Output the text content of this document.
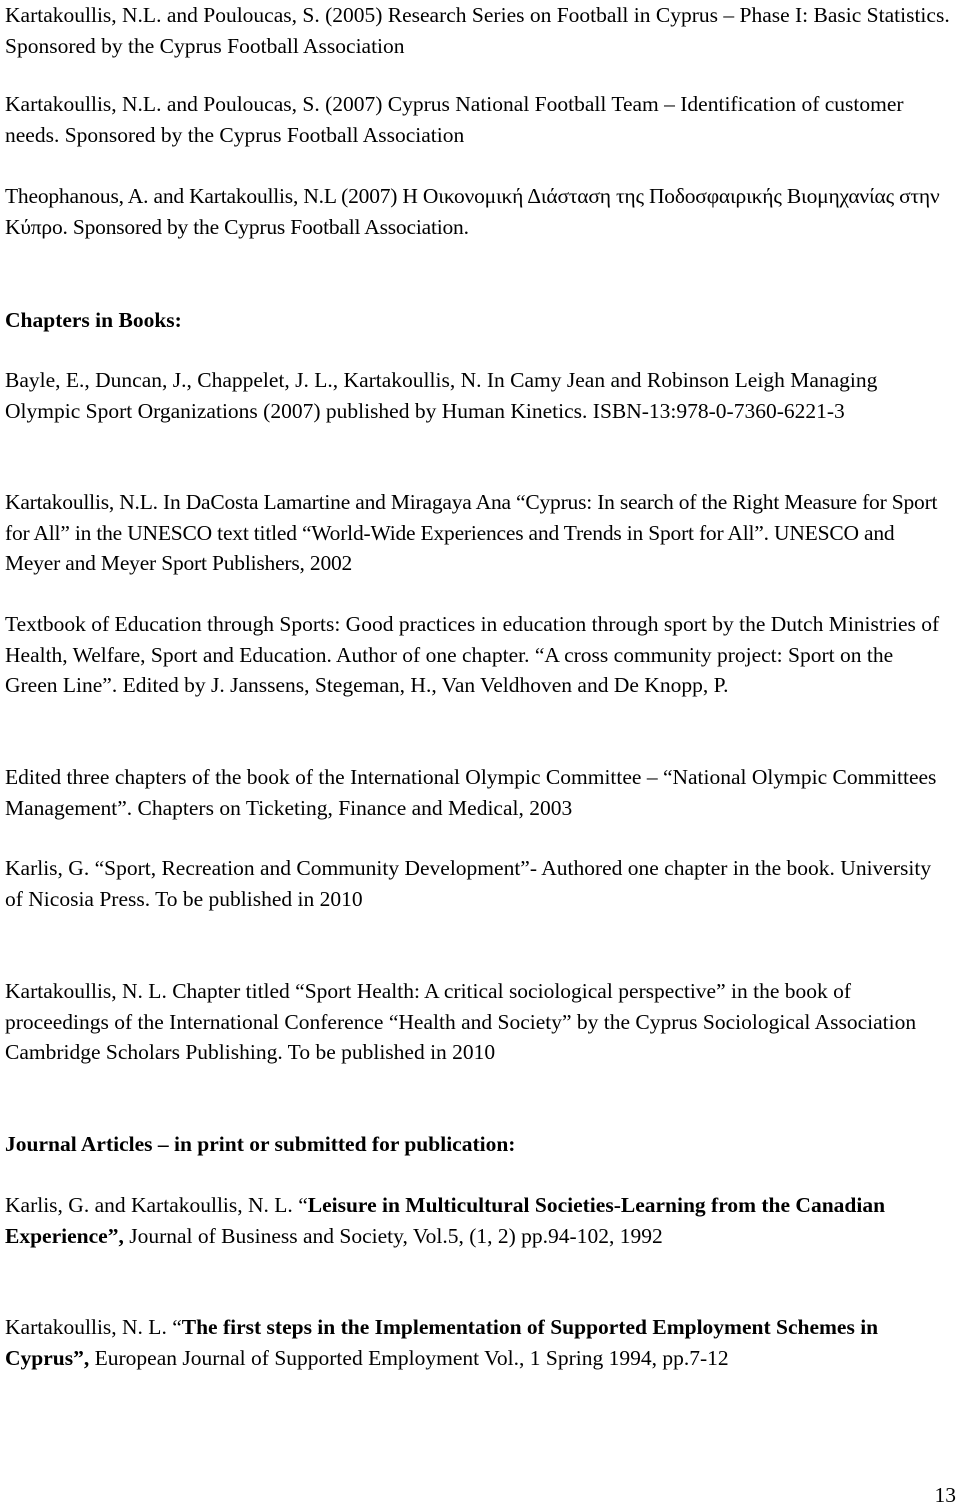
Kartakoullis, N.L. and Pouloucas, S. (2005) Research Series on Football in Cyprus – Phase I: Basic Statistics. Sponsored by the Cyprus Football Association

Kartakoullis, N.L. and Pouloucas, S. (2007) Cyprus National Football Team – Identification of customer needs. Sponsored by the Cyprus Football Association

Theophanous, A. and Kartakoullis, N.L (2007) Η Οικονομική Διάσταση της Ποδοσφαιρικής Βιομηχανίας στην Κύπρο. Sponsored by the Cyprus Football Association.

Chapters in Books:

Bayle, E., Duncan, J., Chappelet, J. L., Kartakoullis, N. In Camy Jean and Robinson Leigh Managing Olympic Sport Organizations (2007) published by Human Kinetics. ISBN-13:978-0-7360-6221-3

Kartakoullis, N.L. In DaCosta Lamartine and Miragaya Ana “Cyprus: In search of the Right Measure for Sport for All” in the UNESCO text titled “World-Wide Experiences and Trends in Sport for All”. UNESCO and Meyer and Meyer Sport Publishers, 2002

Textbook of Education through Sports: Good practices in education through sport by the Dutch Ministries of Health, Welfare, Sport and Education. Author of one chapter. “A cross community project: Sport on the Green Line”. Edited by J. Janssens, Stegeman, H., Van Veldhoven and De Knopp, P.

Edited three chapters of the book of the International Olympic Committee – “National Olympic Committees Management”. Chapters on Ticketing, Finance and Medical, 2003

Karlis, G. “Sport, Recreation and Community Development”- Authored one chapter in the book. University of Nicosia Press. To be published in 2010

Kartakoullis, N. L. Chapter titled “Sport Health: A critical sociological perspective” in the book of proceedings of the International Conference “Health and Society” by the Cyprus Sociological Association Cambridge Scholars Publishing. To be published in 2010

Journal Articles – in print or submitted for publication:

Karlis, G. and Kartakoullis, N. L. “Leisure in Multicultural Societies-Learning from the Canadian Experience”, Journal of Business and Society, Vol.5, (1, 2) pp.94-102, 1992

Kartakoullis, N. L. “The first steps in the Implementation of Supported Employment Schemes in Cyprus”, European Journal of Supported Employment Vol., 1 Spring 1994, pp.7-12

13
